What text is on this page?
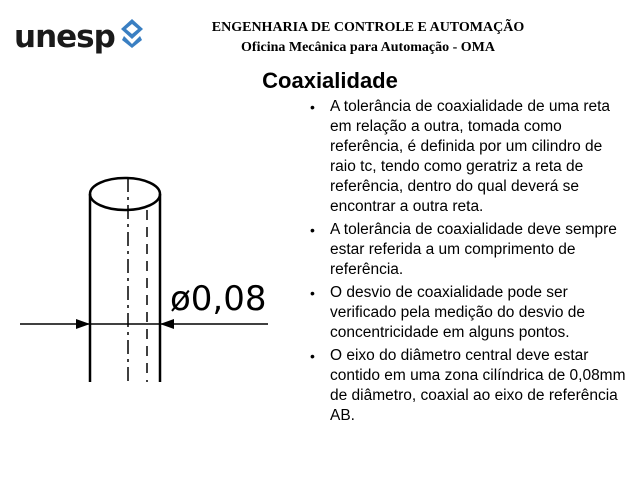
unesp	ENGENHARIA DE CONTROLE E AUTOMAÇÃO
Oficina Mecânica para Automação - OMA
Coaxialidade
ø0,08
• A tolerância de coaxialidade de uma reta em relação a outra, tomada como referência, é definida por um cilindro de raio tc, tendo como geratriz a reta de referência, dentro do qual deverá se encontrar a outra reta.
• A tolerância de coaxialidade deve sempre estar referida a um comprimento de referência.
• O desvio de coaxialidade pode ser verificado pela medição do desvio de concentricidade em alguns pontos.
• O eixo do diâmetro central deve estar contido em uma zona cilíndrica de 0,08mm de diâmetro, coaxial ao eixo de referência AB.
